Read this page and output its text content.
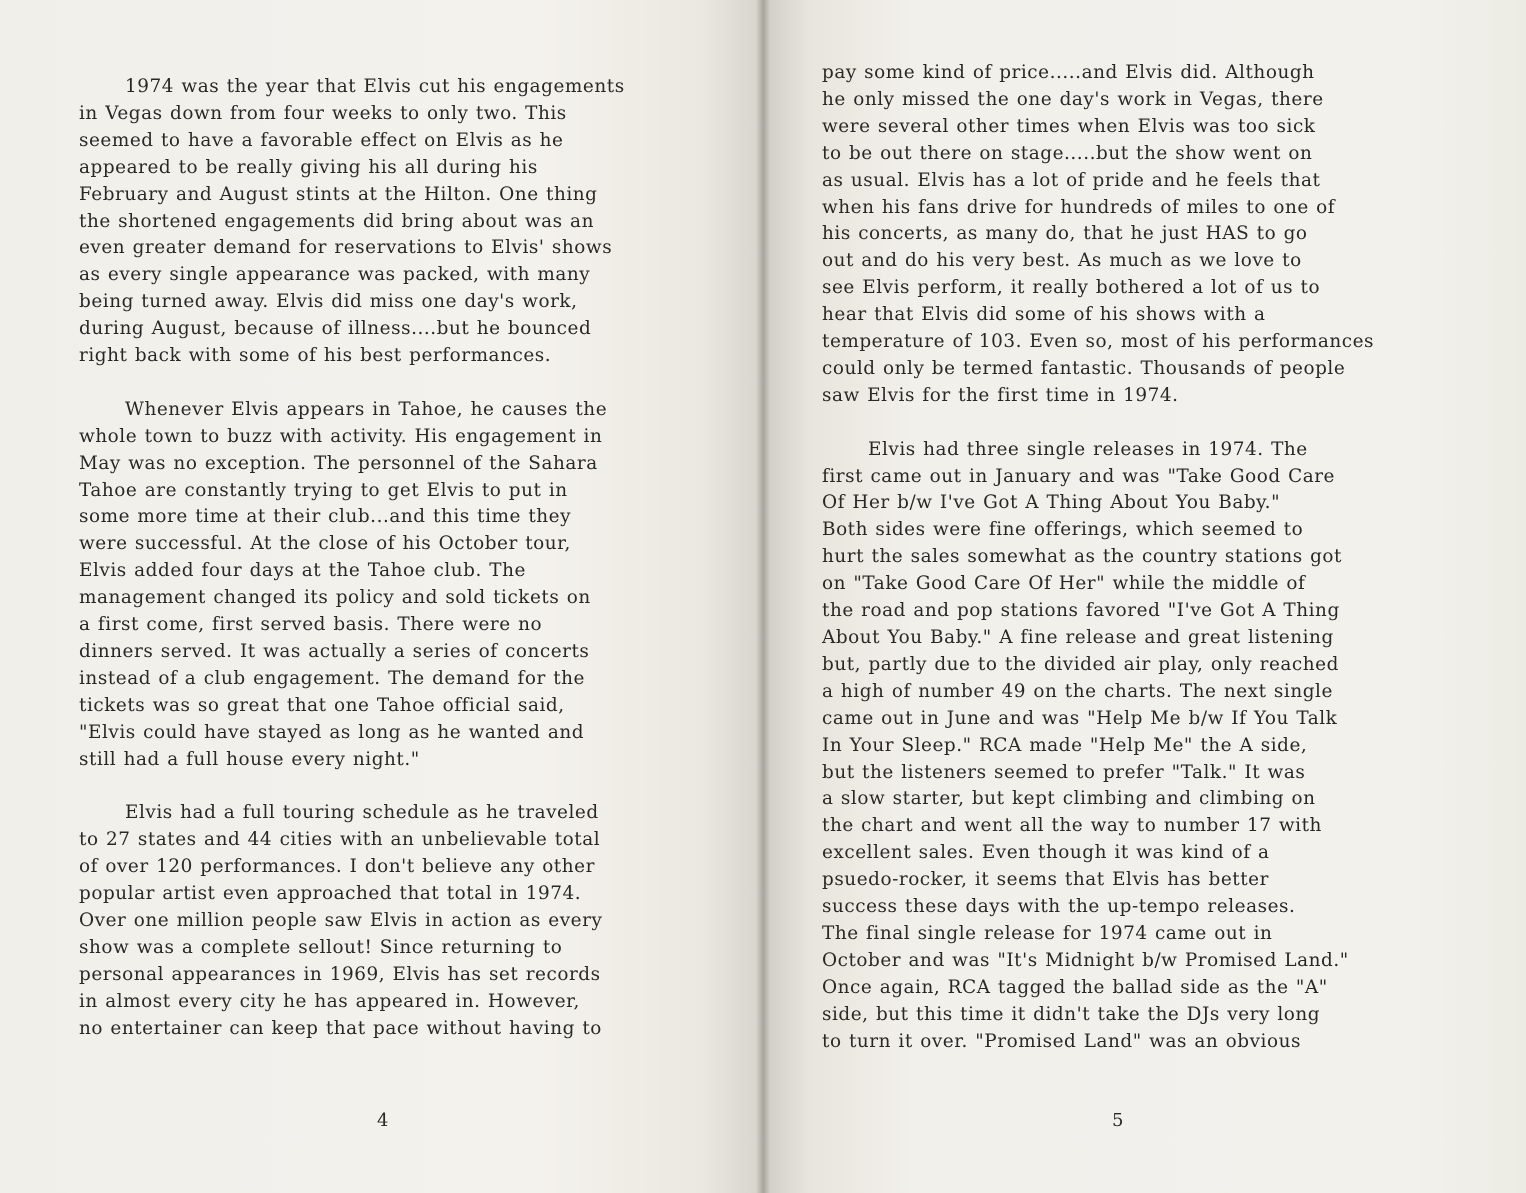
1974 was the year that Elvis cut his engagements
in Vegas down from four weeks to only two. This
seemed to have a favorable effect on Elvis as he
appeared to be really giving his all during his
February and August stints at the Hilton. One thing
the shortened engagements did bring about was an
even greater demand for reservations to Elvis' shows
as every single appearance was packed, with many
being turned away. Elvis did miss one day's work,
during August, because of illness....but he bounced
right back with some of his best performances.
Whenever Elvis appears in Tahoe, he causes the
whole town to buzz with activity. His engagement in
May was no exception. The personnel of the Sahara
Tahoe are constantly trying to get Elvis to put in
some more time at their club...and this time they
were successful. At the close of his October tour,
Elvis added four days at the Tahoe club. The
management changed its policy and sold tickets on
a first come, first served basis. There were no
dinners served. It was actually a series of concerts
instead of a club engagement. The demand for the
tickets was so great that one Tahoe official said,
"Elvis could have stayed as long as he wanted and
still had a full house every night."
Elvis had a full touring schedule as he traveled
to 27 states and 44 cities with an unbelievable total
of over 120 performances. I don't believe any other
popular artist even approached that total in 1974.
Over one million people saw Elvis in action as every
show was a complete sellout! Since returning to
personal appearances in 1969, Elvis has set records
in almost every city he has appeared in. However,
no entertainer can keep that pace without having to
4
pay some kind of price.....and Elvis did. Although
he only missed the one day's work in Vegas, there
were several other times when Elvis was too sick
to be out there on stage.....but the show went on
as usual. Elvis has a lot of pride and he feels that
when his fans drive for hundreds of miles to one of
his concerts, as many do, that he just HAS to go
out and do his very best. As much as we love to
see Elvis perform, it really bothered a lot of us to
hear that Elvis did some of his shows with a
temperature of 103. Even so, most of his performances
could only be termed fantastic. Thousands of people
saw Elvis for the first time in 1974.
Elvis had three single releases in 1974. The
first came out in January and was "Take Good Care
Of Her b/w I've Got A Thing About You Baby."
Both sides were fine offerings, which seemed to
hurt the sales somewhat as the country stations got
on "Take Good Care Of Her" while the middle of
the road and pop stations favored "I've Got A Thing
About You Baby." A fine release and great listening
but, partly due to the divided air play, only reached
a high of number 49 on the charts. The next single
came out in June and was "Help Me b/w If You Talk
In Your Sleep." RCA made "Help Me" the A side,
but the listeners seemed to prefer "Talk." It was
a slow starter, but kept climbing and climbing on
the chart and went all the way to number 17 with
excellent sales. Even though it was kind of a
psuedo-rocker, it seems that Elvis has better
success these days with the up-tempo releases.
The final single release for 1974 came out in
October and was "It's Midnight b/w Promised Land."
Once again, RCA tagged the ballad side as the "A"
side, but this time it didn't take the DJs very long
to turn it over. "Promised Land" was an obvious
5
